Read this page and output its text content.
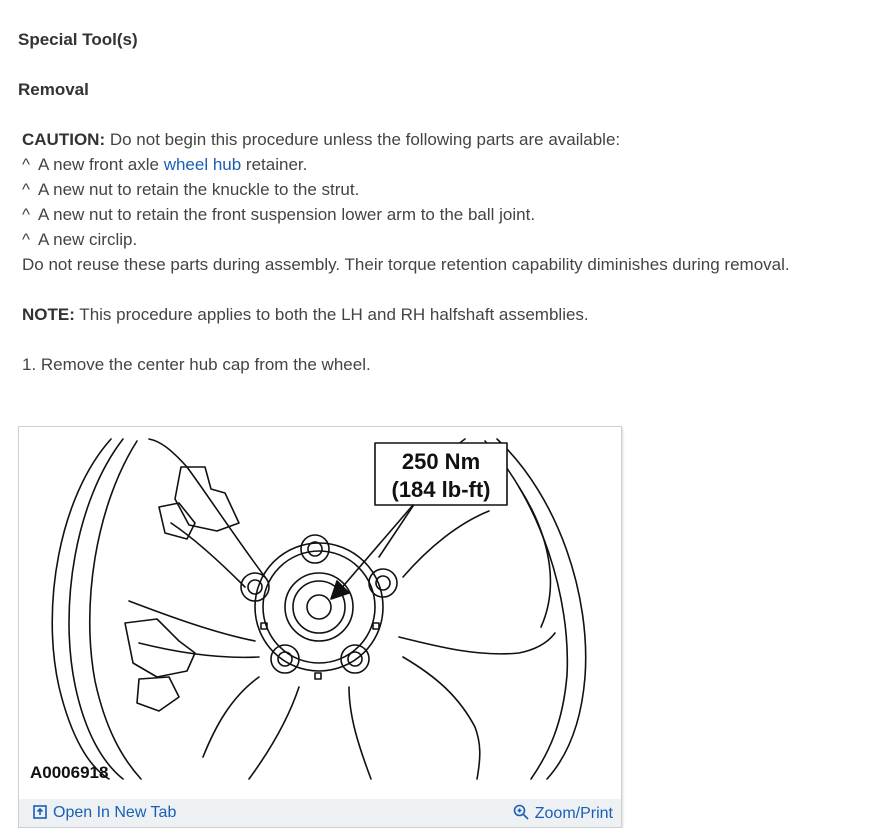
Special Tool(s)
Removal
CAUTION: Do not begin this procedure unless the following parts are available:
^ A new front axle wheel hub retainer.
^ A new nut to retain the knuckle to the strut.
^ A new nut to retain the front suspension lower arm to the ball joint.
^ A new circlip.
Do not reuse these parts during assembly. Their torque retention capability diminishes during removal.
NOTE: This procedure applies to both the LH and RH halfshaft assemblies.
1. Remove the center hub cap from the wheel.
250 Nm
(184 lb-ft)
A0006918
Open In New Tab	Zoom/Print
